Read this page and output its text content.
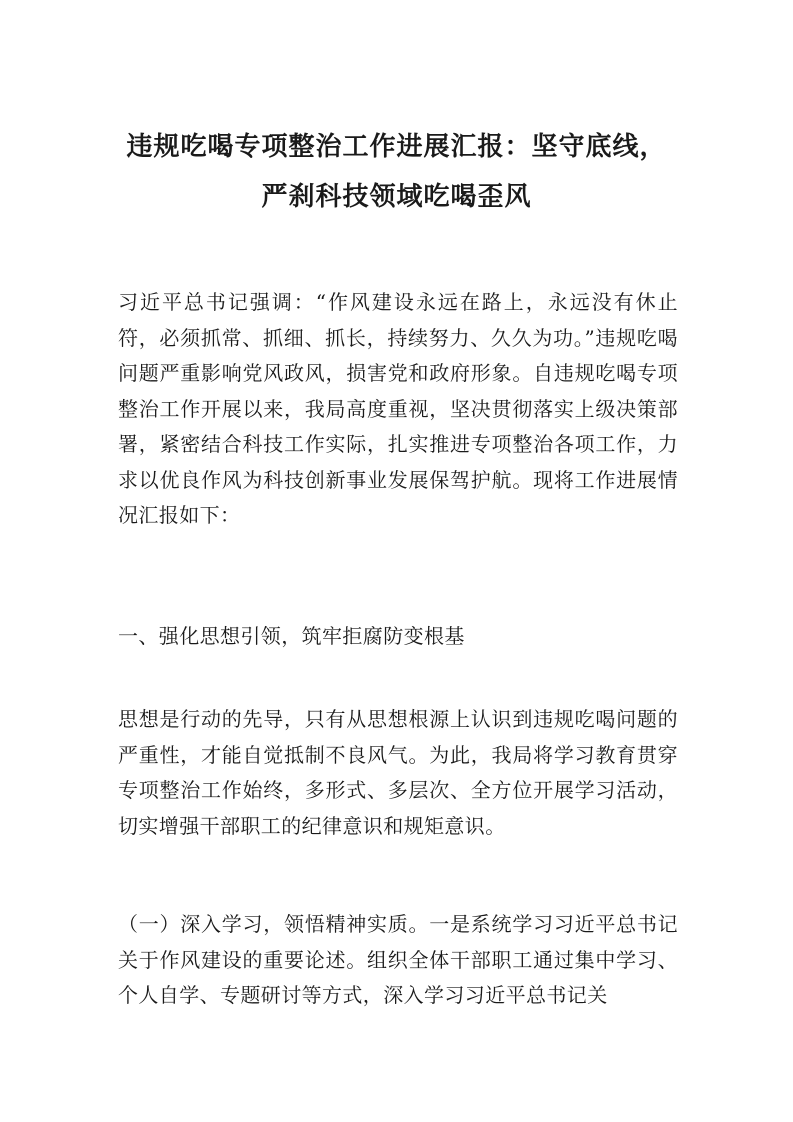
违规吃喝专项整治工作进展汇报：坚守底线，
严刹科技领域吃喝歪风
习近平总书记强调：“作风建设永远在路上，永远没有休止符，必须抓常、抓细、抓长，持续努力、久久为功。”违规吃喝问题严重影响党风政风，损害党和政府形象。自违规吃喝专项整治工作开展以来，我局高度重视，坚决贯彻落实上级决策部署，紧密结合科技工作实际，扎实推进专项整治各项工作，力求以优良作风为科技创新事业发展保驾护航。现将工作进展情况汇报如下：
一、强化思想引领，筑牢拒腐防变根基
思想是行动的先导，只有从思想根源上认识到违规吃喝问题的严重性，才能自觉抵制不良风气。为此，我局将学习教育贯穿专项整治工作始终，多形式、多层次、全方位开展学习活动，切实增强干部职工的纪律意识和规矩意识。
（一）深入学习，领悟精神实质。一是系统学习习近平总书记关于作风建设的重要论述。组织全体干部职工通过集中学习、个人自学、专题研讨等方式，深入学习习近平总书记关
